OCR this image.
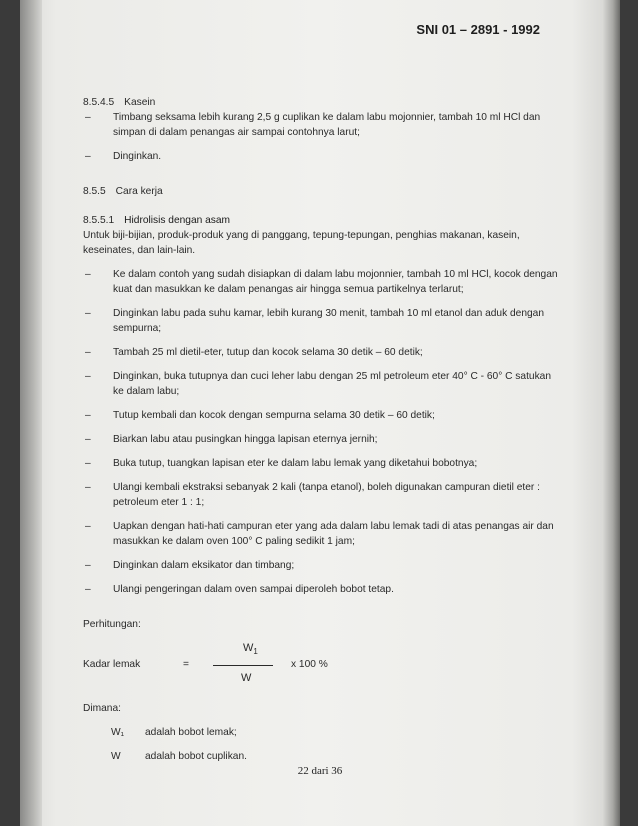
SNI 01 – 2891 - 1992

8.5.4.5 Kasein

– Timbang seksama lebih kurang 2,5 g cuplikan ke dalam labu mojonnier, tambah 10 ml HCl dan simpan di dalam penangas air sampai contohnya larut;
– Dinginkan.

8.5.5 Cara kerja

8.5.5.1 Hidrolisis dengan asam

Untuk biji-bijian, produk-produk yang di panggang, tepung-tepungan, penghias makanan, kasein, keseinates, dan lain-lain.

– Ke dalam contoh yang sudah disiapkan di dalam labu mojonnier, tambah 10 ml HCl, kocok dengan kuat dan masukkan ke dalam penangas air hingga semua partikelnya terlarut;
– Dinginkan labu pada suhu kamar, lebih kurang 30 menit, tambah 10 ml etanol dan aduk dengan sempurna;
– Tambah 25 ml dietil-eter, tutup dan kocok selama 30 detik – 60 detik;
– Dinginkan, buka tutupnya dan cuci leher labu dengan 25 ml petroleum eter 40° C - 60° C satukan ke dalam labu;
– Tutup kembali dan kocok dengan sempurna selama 30 detik – 60 detik;
– Biarkan labu atau pusingkan hingga lapisan eternya jernih;
– Buka tutup, tuangkan lapisan eter ke dalam labu lemak yang diketahui bobotnya;
– Ulangi kembali ekstraksi sebanyak 2 kali (tanpa etanol), boleh digunakan campuran dietil eter : petroleum eter 1 : 1;
– Uapkan dengan hati-hati campuran eter yang ada dalam labu lemak tadi di atas penangas air dan masukkan ke dalam oven 100° C paling sedikit 1 jam;
– Dinginkan dalam eksikator dan timbang;
– Ulangi pengeringan dalam oven sampai diperoleh bobot tetap.

Perhitungan:

Kadar lemak	=
$W_1$
W
x 100 %

Dimana:

W₁ adalah bobot lemak;
W adalah bobot cuplikan.
22 dari 36
